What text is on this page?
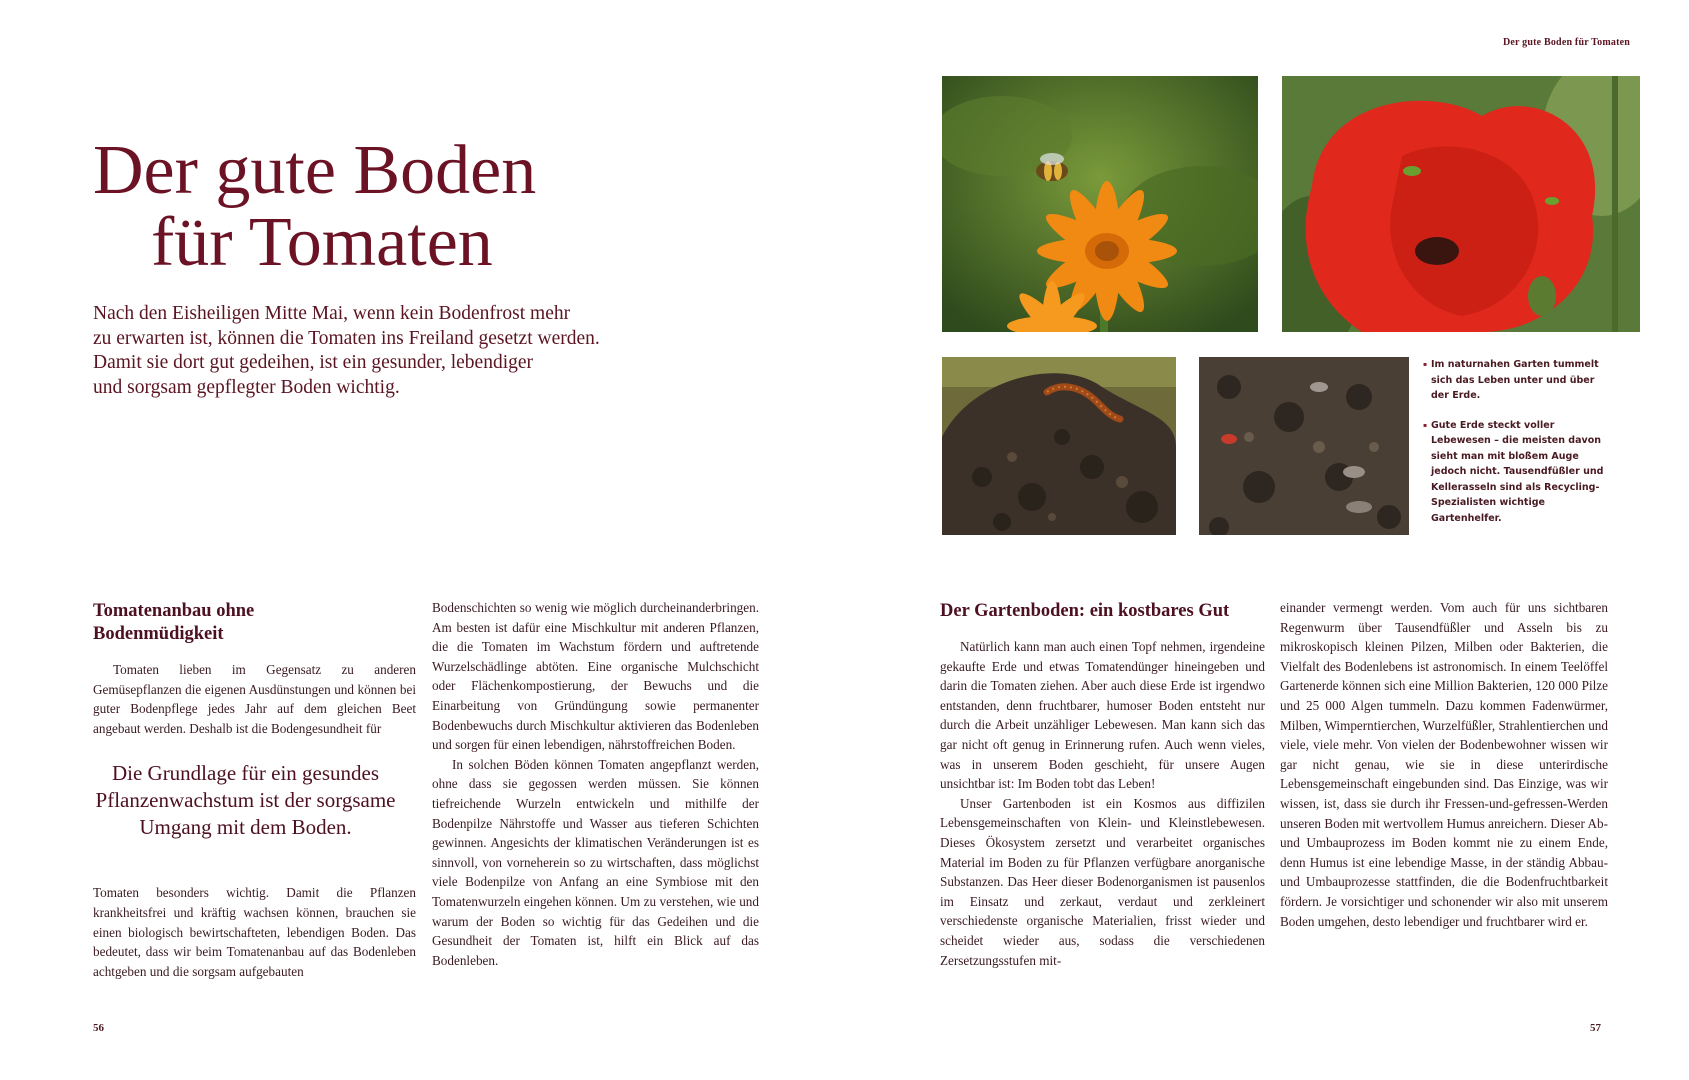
Der gute Boden
für Tomaten
Nach den Eisheiligen Mitte Mai, wenn kein Bodenfrost mehr
zu erwarten ist, können die Tomaten ins Freiland gesetzt werden.
Damit sie dort gut gedeihen, ist ein gesunder, lebendiger
und sorgsam gepflegter Boden wichtig.
Tomatenanbau ohne Bodenmüdigkeit

Tomaten lieben im Gegensatz zu anderen Gemüsepflanzen die eigenen Ausdünstungen und können bei guter Bodenpflege jedes Jahr auf dem gleichen Beet angebaut werden. Deshalb ist die Bodengesundheit für

Die Grundlage für ein gesundes
Pflanzenwachstum ist der sorgsame
Umgang mit dem Boden.

Tomaten besonders wichtig. Damit die Pflanzen krankheitsfrei und kräftig wachsen können, brauchen sie einen biologisch bewirtschafteten, lebendigen Boden. Das bedeutet, dass wir beim Tomatenanbau auf das Bodenleben achtgeben und die sorgsam aufgebauten

Bodenschichten so wenig wie möglich durcheinanderbringen. Am besten ist dafür eine Mischkultur mit anderen Pflanzen, die die Tomaten im Wachstum fördern und auftretende Wurzelschädlinge abtöten. Eine organische Mulchschicht oder Flächenkompostierung, der Bewuchs und die Einarbeitung von Gründüngung sowie permanenter Bodenbewuchs durch Mischkultur aktivieren das Bodenleben und sorgen für einen lebendigen, nährstoffreichen Boden.

In solchen Böden können Tomaten angepflanzt werden, ohne dass sie gegossen werden müssen. Sie können tiefreichende Wurzeln entwickeln und mithilfe der Bodenpilze Nährstoffe und Wasser aus tieferen Schichten gewinnen. Angesichts der klimatischen Veränderungen ist es sinnvoll, von vorneherein so zu wirtschaften, dass möglichst viele Bodenpilze von Anfang an eine Symbiose mit den Tomatenwurzeln eingehen können. Um zu verstehen, wie und warum der Boden so wichtig für das Gedeihen und die Gesundheit der Tomaten ist, hilft ein Blick auf das Bodenleben.

56
Der gute Boden für Tomaten

▪ Im naturnahen Garten tummelt sich das Leben unter und über der Erde.

▪ Gute Erde steckt voller Lebewesen – die meisten davon sieht man mit bloßem Auge jedoch nicht. Tausendfüßler und Kellerasseln sind als Recycling-Spezialisten wichtige Gartenhelfer.

Der Gartenboden: ein kostbares Gut

Natürlich kann man auch einen Topf nehmen, irgendeine gekaufte Erde und etwas Tomatendünger hineingeben und darin die Tomaten ziehen. Aber auch diese Erde ist irgendwo entstanden, denn fruchtbarer, humoser Boden entsteht nur durch die Arbeit unzähliger Lebewesen. Man kann sich das gar nicht oft genug in Erinnerung rufen. Auch wenn vieles, was in unserem Boden geschieht, für unsere Augen unsichtbar ist: Im Boden tobt das Leben!

Unser Gartenboden ist ein Kosmos aus diffizilen Lebensgemeinschaften von Klein- und Kleinstlebewesen. Dieses Ökosystem zersetzt und verarbeitet organisches Material im Boden zu für Pflanzen verfügbare anorganische Substanzen. Das Heer dieser Bodenorganismen ist pausenlos im Einsatz und zerkaut, verdaut und zerkleinert verschiedenste organische Materialien, frisst wieder und scheidet wieder aus, sodass die verschiedenen Zersetzungsstufen mit-

einander vermengt werden. Vom auch für uns sichtbaren Regenwurm über Tausendfüßler und Asseln bis zu mikroskopisch kleinen Pilzen, Milben oder Bakterien, die Vielfalt des Bodenlebens ist astronomisch. In einem Teelöffel Gartenerde können sich eine Million Bakterien, 120 000 Pilze und 25 000 Algen tummeln. Dazu kommen Fadenwürmer, Milben, Wimperntierchen, Wurzelfüßler, Strahlentierchen und viele, viele mehr. Von vielen der Bodenbewohner wissen wir gar nicht genau, wie sie in diese unterirdische Lebensgemeinschaft eingebunden sind. Das Einzige, was wir wissen, ist, dass sie durch ihr Fressen-und-gefressen-Werden unseren Boden mit wertvollem Humus anreichern. Dieser Ab- und Umbauprozess im Boden kommt nie zu einem Ende, denn Humus ist eine lebendige Masse, in der ständig Abbau- und Umbauprozesse stattfinden, die die Bodenfruchtbarkeit fördern. Je vorsichtiger und schonender wir also mit unserem Boden umgehen, desto lebendiger und fruchtbarer wird er.

57
